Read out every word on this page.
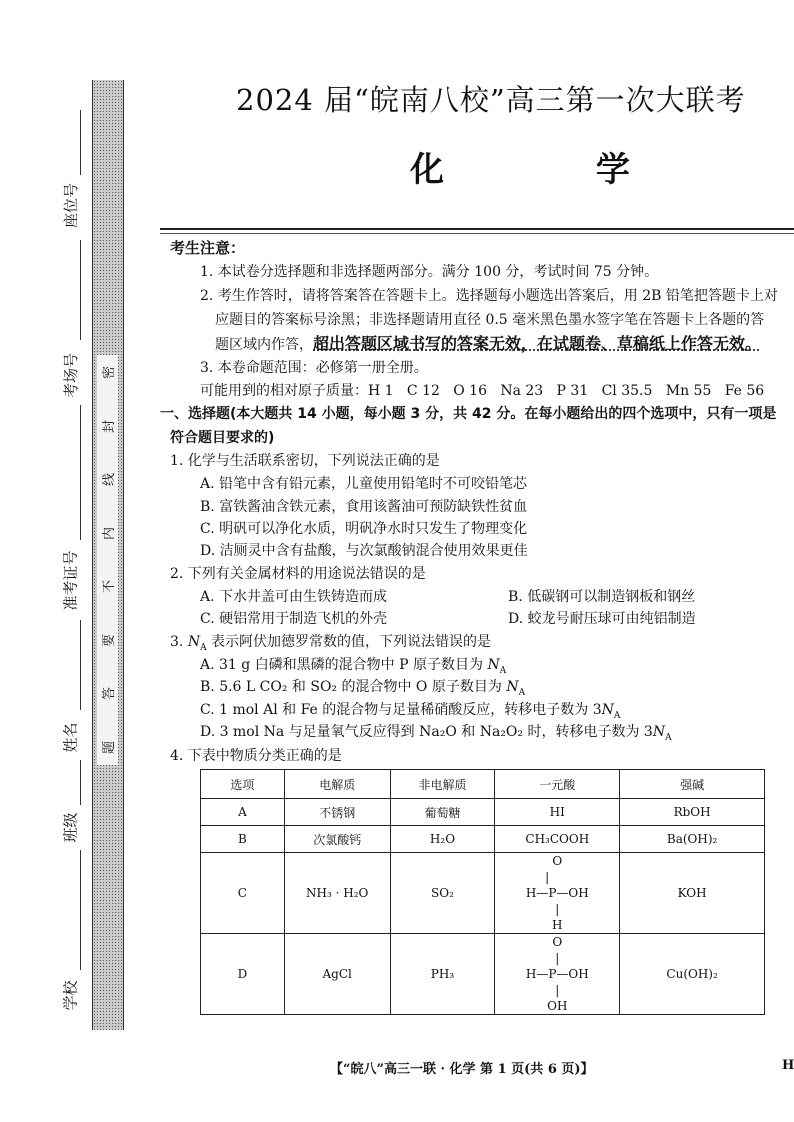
密
封
线
内
不
要
答
题
座位号
考场号
准考证号
姓名
班级
学校
2024 届“皖南八校”高三第一次大联考
化 学
考生注意：
1. 本试卷分选择题和非选择题两部分。满分 100 分，考试时间 75 分钟。
2. 考生作答时，请将答案答在答题卡上。选择题每小题选出答案后，用 2B 铅笔把答题卡上对
应题目的答案标号涂黑；非选择题请用直径 0.5 毫米黑色墨水签字笔在答题卡上各题的答
题区域内作答，超出答题区域书写的答案无效，在试题卷、草稿纸上作答无效。
3. 本卷命题范围：必修第一册全册。
可能用到的相对原子质量：H 1   C 12   O 16   Na 23   P 31   Cl 35.5   Mn 55   Fe 56
一、选择题(本大题共 14 小题，每小题 3 分，共 42 分。在每小题给出的四个选项中，只有一项是
符合题目要求的)
1. 化学与生活联系密切，下列说法正确的是
A. 铅笔中含有铅元素，儿童使用铅笔时不可咬铅笔芯
B. 富铁酱油含铁元素，食用该酱油可预防缺铁性贫血
C. 明矾可以净化水质，明矾净水时只发生了物理变化
D. 洁厕灵中含有盐酸，与次氯酸钠混合使用效果更佳
2. 下列有关金属材料的用途说法错误的是
A. 下水井盖可由生铁铸造而成	B. 低碳钢可以制造钢板和钢丝
C. 硬铝常用于制造飞机的外壳	D. 蛟龙号耐压球可由纯铝制造
3. $N_A$ 表示阿伏加德罗常数的值，下列说法错误的是
A. 31 g 白磷和黑磷的混合物中 P 原子数目为 $N_A$
B. 5.6 L CO₂ 和 SO₂ 的混合物中 O 原子数目为 $N_A$
C. 1 mol Al 和 Fe 的混合物与足量稀硝酸反应，转移电子数为 $3N_A$
D. 3 mol Na 与足量氧气反应得到 Na₂O 和 Na₂O₂ 时，转移电子数为 $3N_A$
4. 下表中物质分类正确的是
选项	电解质	非电解质	一元酸	强碱
A	不锈钢	葡萄糖	HI	RbOH
B	次氯酸钙	H₂O	CH₃COOH	Ba(OH)₂
C	NH₃ · H₂O	SO₂	O
|
H—P—OH
|
H	KOH
D	AgCl	PH₃	O
|
H—P—OH
|
OH	Cu(OH)₂
【“皖八”高三一联 · 化学 第 1 页(共 6 页)】	H
